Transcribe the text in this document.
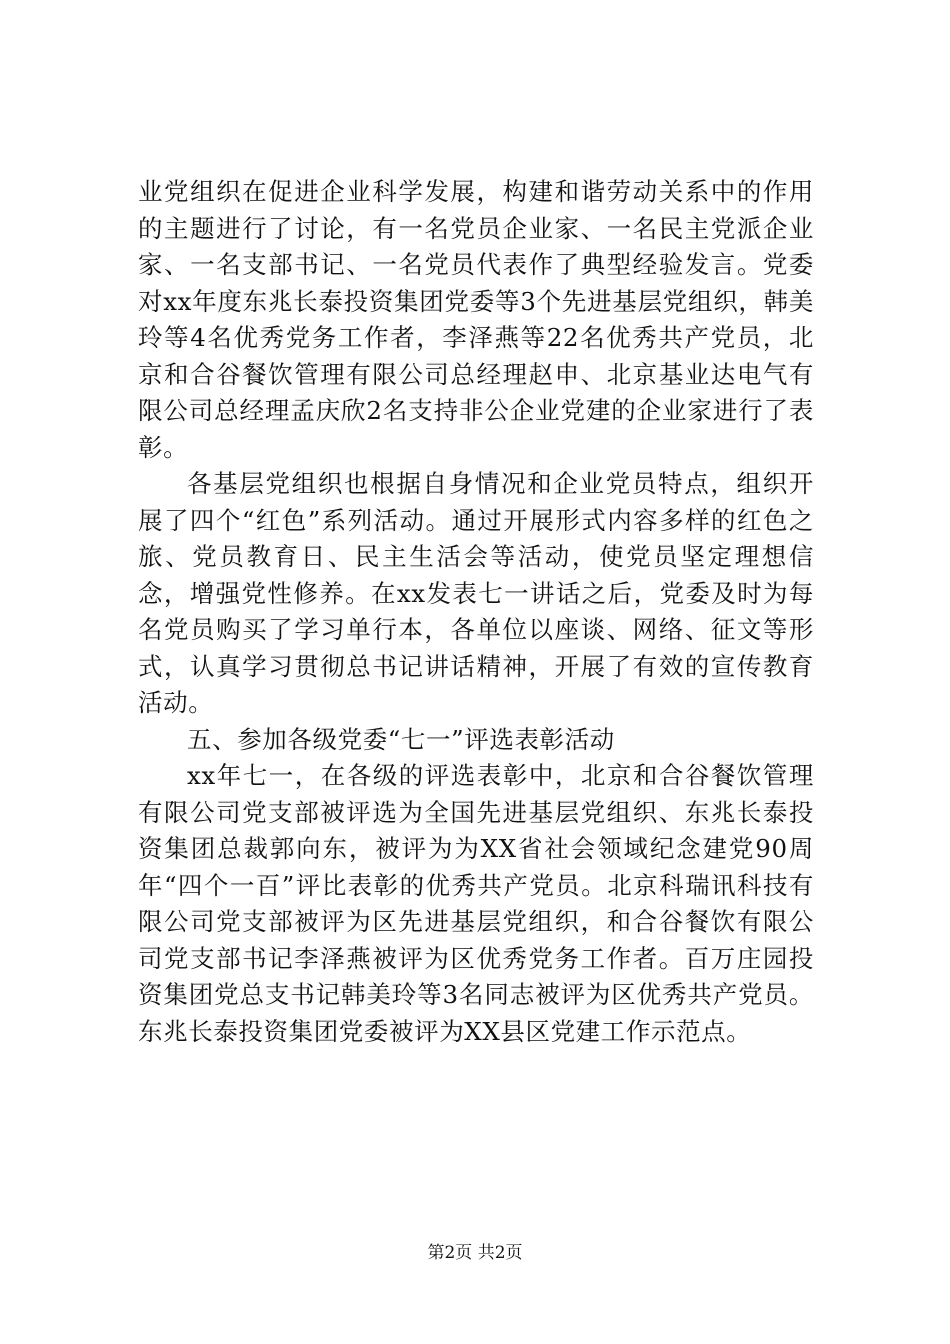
业党组织在促进企业科学发展，构建和谐劳动关系中的作用的主题进行了讨论，有一名党员企业家、一名民主党派企业家、一名支部书记、一名党员代表作了典型经验发言。党委对xx年度东兆长泰投资集团党委等3个先进基层党组织，韩美玲等4名优秀党务工作者，李泽燕等22名优秀共产党员，北京和合谷餐饮管理有限公司总经理赵申、北京基业达电气有限公司总经理孟庆欣2名支持非公企业党建的企业家进行了表彰。

各基层党组织也根据自身情况和企业党员特点，组织开展了四个“红色”系列活动。通过开展形式内容多样的红色之旅、党员教育日、民主生活会等活动，使党员坚定理想信念，增强党性修养。在xx发表七一讲话之后，党委及时为每名党员购买了学习单行本，各单位以座谈、网络、征文等形式，认真学习贯彻总书记讲话精神，开展了有效的宣传教育活动。

五、参加各级党委“七一”评选表彰活动

xx年七一，在各级的评选表彰中，北京和合谷餐饮管理有限公司党支部被评选为全国先进基层党组织、东兆长泰投资集团总裁郭向东，被评为为XX省社会领域纪念建党90周年“四个一百”评比表彰的优秀共产党员。北京科瑞讯科技有限公司党支部被评为区先进基层党组织，和合谷餐饮有限公司党支部书记李泽燕被评为区优秀党务工作者。百万庄园投资集团党总支书记韩美玲等3名同志被评为区优秀共产党员。东兆长泰投资集团党委被评为XX县区党建工作示范点。

第2页 共2页
